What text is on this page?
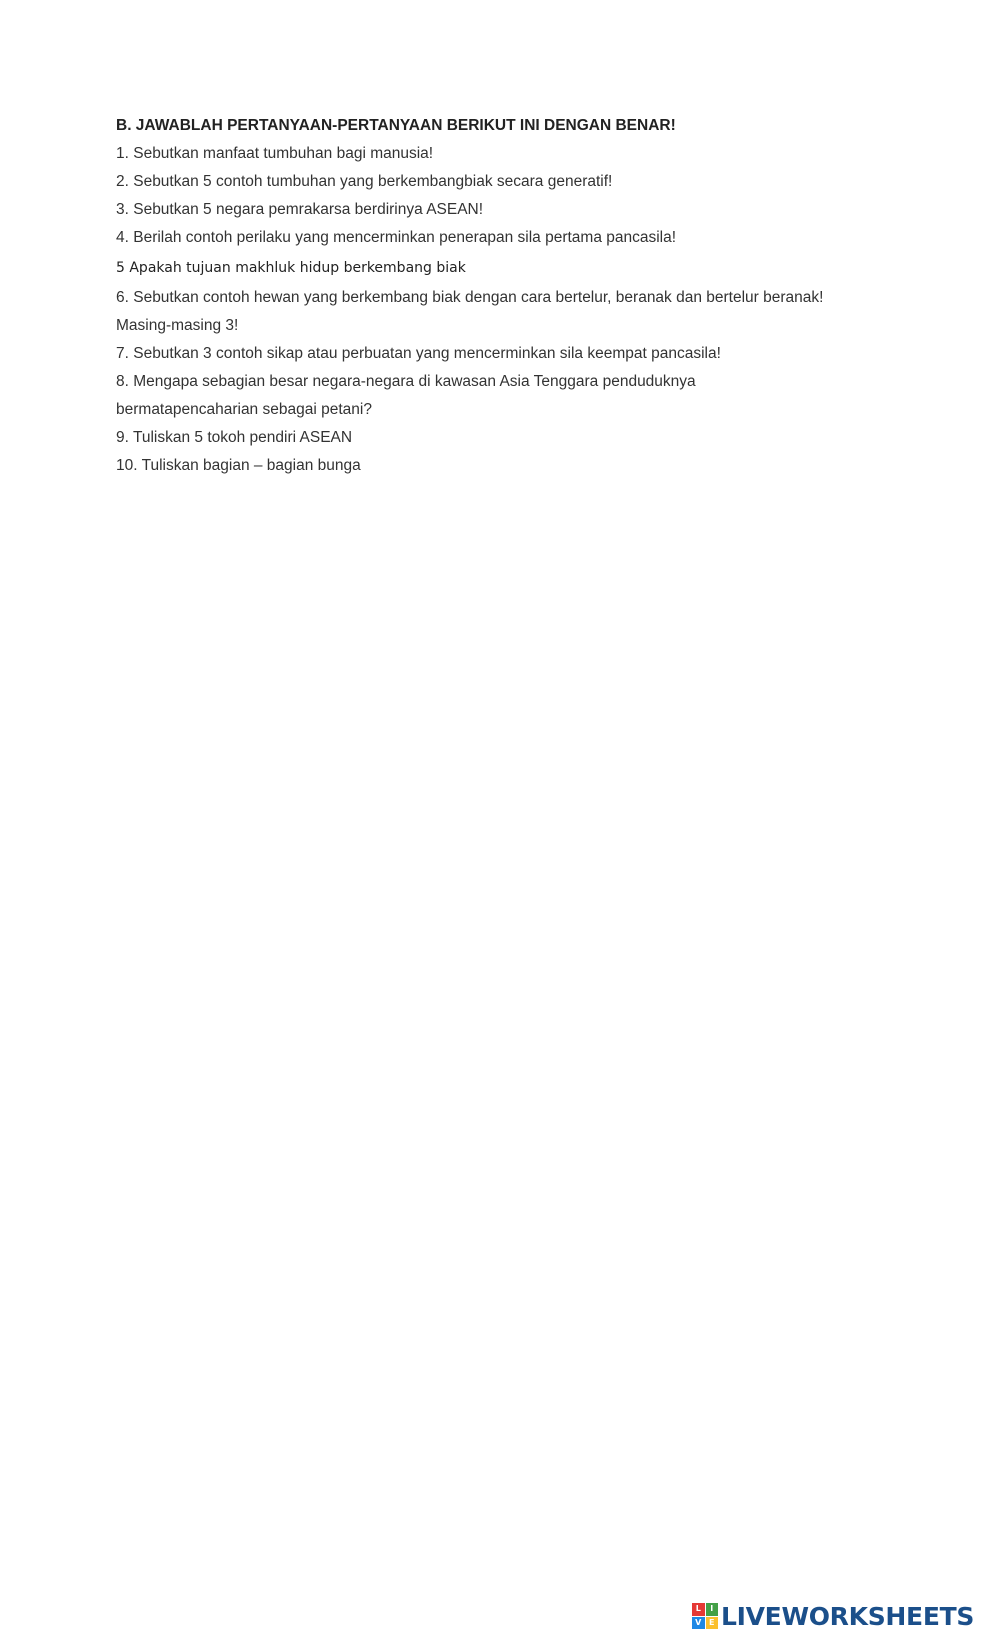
B. JAWABLAH PERTANYAAN-PERTANYAAN BERIKUT INI DENGAN BENAR!
1. Sebutkan manfaat tumbuhan bagi manusia!
2. Sebutkan 5 contoh tumbuhan yang berkembangbiak secara generatif!
3. Sebutkan 5 negara pemrakarsa berdirinya ASEAN!
4. Berilah contoh perilaku yang mencerminkan penerapan sila pertama pancasila!
5 Apakah tujuan makhluk hidup berkembang biak
6. Sebutkan contoh hewan yang berkembang biak dengan cara bertelur, beranak dan bertelur beranak!
Masing-masing 3!
7. Sebutkan 3 contoh sikap atau perbuatan yang mencerminkan sila keempat pancasila!
8. Mengapa sebagian besar negara-negara di kawasan Asia Tenggara penduduknya
bermatapencaharian sebagai petani?
9. Tuliskan 5 tokoh pendiri ASEAN
10. Tuliskan bagian – bagian bunga
L	I
V E LIVEWORKSHEETS
